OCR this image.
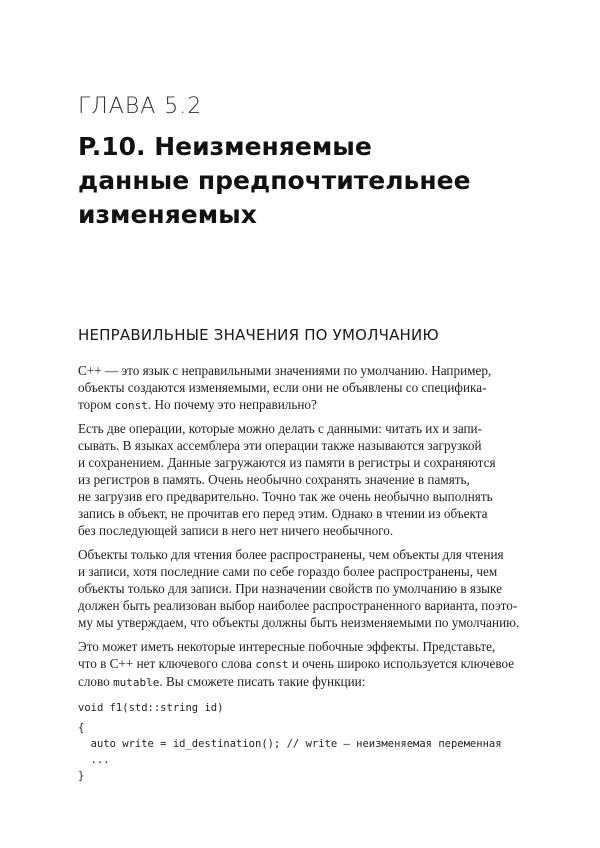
ГЛАВА 5.2
P.10. Неизменяемые
данные предпочтительнее
изменяемых
НЕПРАВИЛЬНЫЕ ЗНАЧЕНИЯ ПО УМОЛЧАНИЮ
С++ — это язык с неправильными значениями по умолчанию. Например,
объекты создаются изменяемыми, если они не объявлены со специфика-
тором const. Но почему это неправильно?
Есть две операции, которые можно делать с данными: читать их и запи-
сывать. В языках ассемблера эти операции также называются загрузкой
и сохранением. Данные загружаются из памяти в регистры и сохраняются
из регистров в память. Очень необычно сохранять значение в память,
не загрузив его предварительно. Точно так же очень необычно выполнять
запись в объект, не прочитав его перед этим. Однако в чтении из объекта
без последующей записи в него нет ничего необычного.
Объекты только для чтения более распространены, чем объекты для чтения
и записи, хотя последние сами по себе гораздо более распространены, чем
объекты только для записи. При назначении свойств по умолчанию в языке
должен быть реализован выбор наиболее распространенного варианта, поэто-
му мы утверждаем, что объекты должны быть неизменяемыми по умолчанию.
Это может иметь некоторые интересные побочные эффекты. Представьте,
что в С++ нет ключевого слова const и очень широко используется ключевое
слово mutable. Вы сможете писать такие функции:
void f1(std::string id)
{
auto write = id_destination(); // write — неизменяемая переменная
...
}
